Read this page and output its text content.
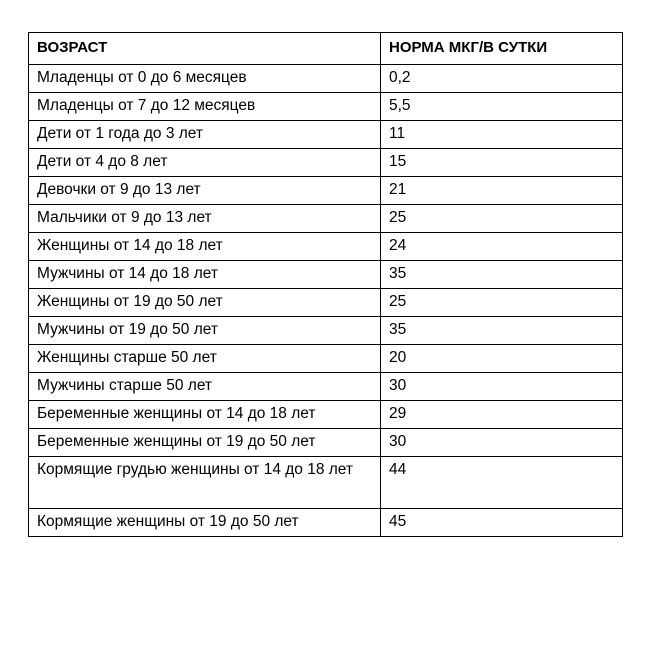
ВОЗРАСТ	НОРМА МКГ/В СУТКИ
Младенцы от 0 до 6 месяцев	0,2
Младенцы от 7 до 12 месяцев	5,5
Дети от 1 года до 3 лет	11
Дети от 4 до 8 лет	15
Девочки от 9 до 13 лет	21
Мальчики от 9 до 13 лет	25
Женщины от 14 до 18 лет	24
Мужчины от 14 до 18 лет	35
Женщины от 19 до 50 лет	25
Мужчины от 19 до 50 лет	35
Женщины старше 50 лет	20
Мужчины старше 50 лет	30
Беременные женщины от 14 до 18 лет	29
Беременные женщины от 19 до 50 лет	30
Кормящие грудью женщины от 14 до 18 лет	44
Кормящие женщины от 19 до 50 лет	45
